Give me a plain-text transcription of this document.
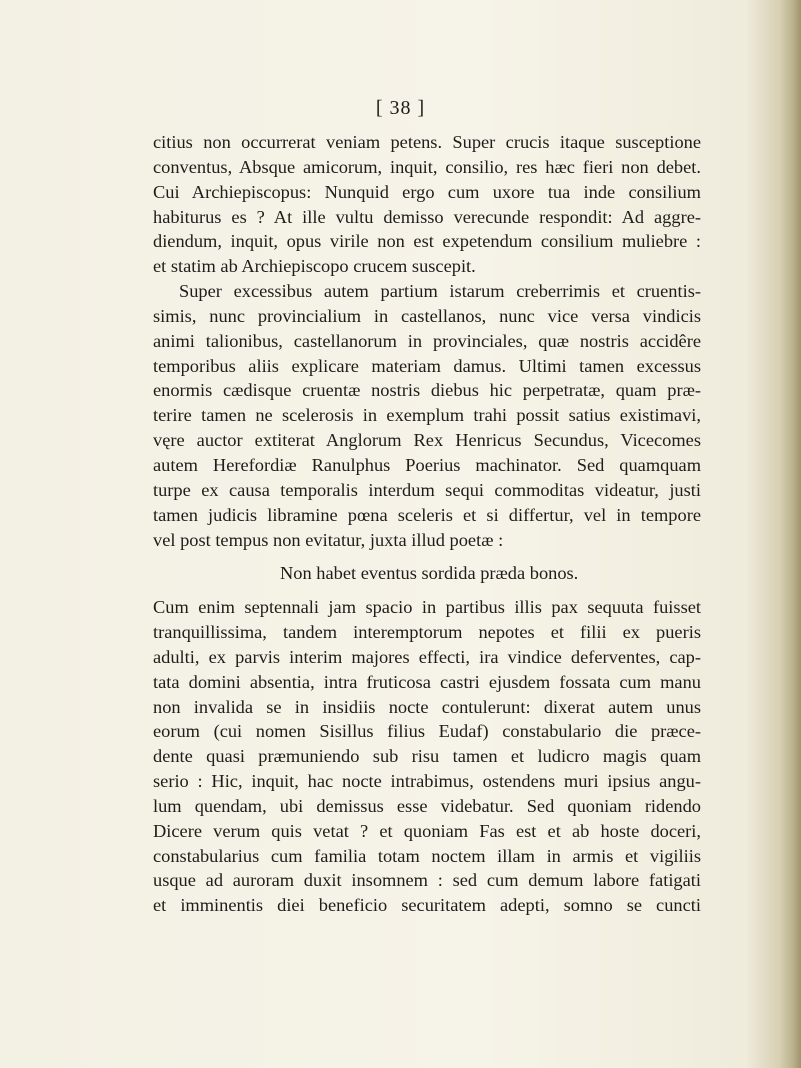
[ 38 ]

citius non occurrerat veniam petens. Super crucis itaque susceptione
conventus, Absque amicorum, inquit, consilio, res hæc fieri non debet.
Cui Archiepiscopus: Nunquid ergo cum uxore tua inde consilium
habiturus es ? At ille vultu demisso verecunde respondit: Ad aggre-
diendum, inquit, opus virile non est expetendum consilium muliebre :
et statim ab Archiepiscopo crucem suscepit.

Super excessibus autem partium istarum creberrimis et cruentis-
simis, nunc provincialium in castellanos, nunc vice versa vindicis
animi talionibus, castellanorum in provinciales, quæ nostris accidêre
temporibus aliis explicare materiam damus. Ultimi tamen excessus
enormis cædisque cruentæ nostris diebus hic perpetratæ, quam præ-
terire tamen ne scelerosis in exemplum trahi possit satius existimavi,
vęre auctor extiterat Anglorum Rex Henricus Secundus, Vicecomes
autem Herefordiæ Ranulphus Poerius machinator. Sed quamquam
turpe ex causa temporalis interdum sequi commoditas videatur, justi
tamen judicis libramine pœna sceleris et si differtur, vel in tempore
vel post tempus non evitatur, juxta illud poetæ :

Non habet eventus sordida præda bonos.

Cum enim septennali jam spacio in partibus illis pax sequuta fuisset
tranquillissima, tandem interemptorum nepotes et filii ex pueris
adulti, ex parvis interim majores effecti, ira vindice deferventes, cap-
tata domini absentia, intra fruticosa castri ejusdem fossata cum manu
non invalida se in insidiis nocte contulerunt: dixerat autem unus
eorum (cui nomen Sisillus filius Eudaf) constabulario die præce-
dente quasi præmuniendo sub risu tamen et ludicro magis quam
serio : Hic, inquit, hac nocte intrabimus, ostendens muri ipsius angu-
lum quendam, ubi demissus esse videbatur. Sed quoniam ridendo
Dicere verum quis vetat ? et quoniam Fas est et ab hoste doceri,
constabularius cum familia totam noctem illam in armis et vigiliis
usque ad auroram duxit insomnem : sed cum demum labore fatigati
et imminentis diei beneficio securitatem adepti, somno se cuncti
